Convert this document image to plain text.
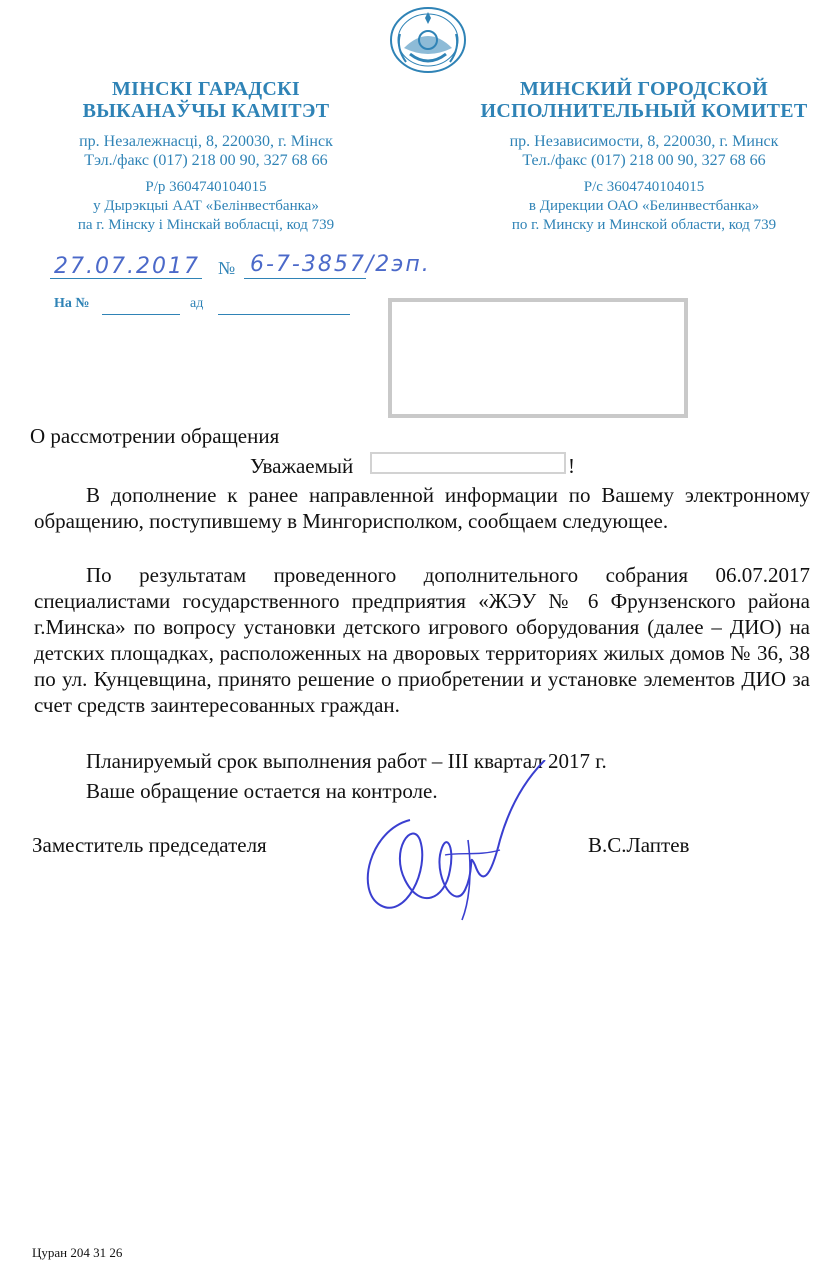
МІНСКІ ГАРАДСКІ
ВЫКАНАЎЧЫ КАМІТЭТ
пр. Незалежнасці, 8, 220030, г. Мінск
Тэл./факс (017) 218 00 90, 327 68 66
Р/р 3604740104015
у Дырэкцыі ААТ «Белінвестбанка»
па г. Мінску і Мінскай вобласці, код 739
МИНСКИЙ ГОРОДСКОЙ
ИСПОЛНИТЕЛЬНЫЙ КОМИТЕТ
пр. Независимости, 8, 220030, г. Минск
Тел./факс (017) 218 00 90, 327 68 66
Р/с 3604740104015
в Дирекции ОАО «Белинвестбанка»
по г. Минску и Минской области, код 739
27.07.2017 № 6-7-3857/2эп.
На №	ад
О рассмотрении обращения
Уважаемый	!
В дополнение к ранее направленной информации по Вашему электронному обращению, поступившему в Мингорисполком, сообщаем следующее.
По результатам проведенного дополнительного собрания 06.07.2017 специалистами государственного предприятия «ЖЭУ № 6 Фрунзенского района г.Минска» по вопросу установки детского игрового оборудования (далее – ДИО) на детских площадках, расположенных на дворовых территориях жилых домов № 36, 38 по ул. Кунцевщина, принято решение о приобретении и установке элементов ДИО за счет средств заинтересованных граждан.
Планируемый срок выполнения работ – III квартал 2017 г.
Ваше обращение остается на контроле.
Заместитель председателя	В.С.Лаптев
Цуран 204 31 26
